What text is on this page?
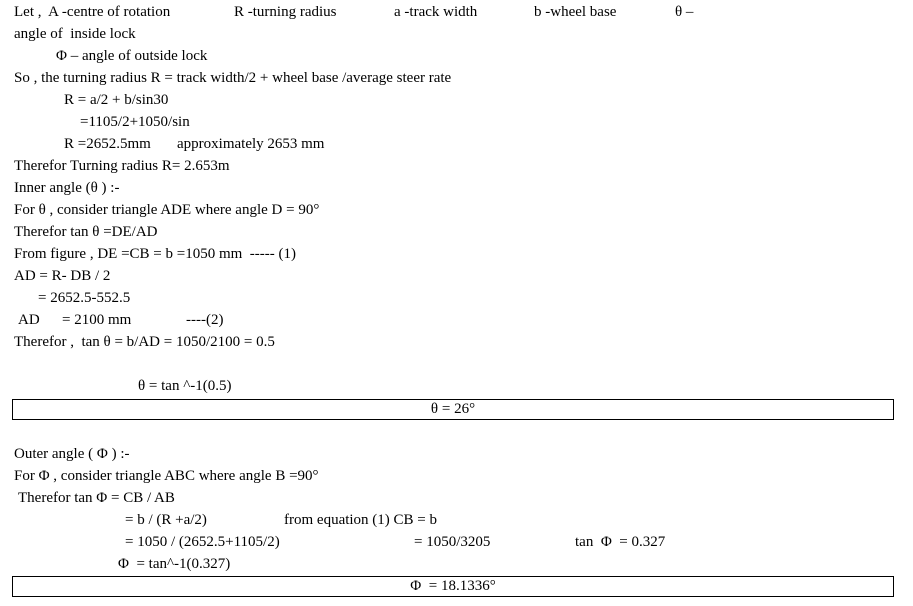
Let ,  A -centre of rotation	R -turning radius	a -track width	b -wheel base	θ –
angle of  inside lock
Φ – angle of outside lock
So , the turning radius R = track width/2 + wheel base /average steer rate
R = a/2 + b/sin30
=1105/2+1050/sin
R =2652.5mm approximately 2653 mm
Therefor Turning radius R= 2.653m
Inner angle (θ ) :-
For θ , consider triangle ADE where angle D = 90°
Therefor tan θ =DE/AD
From figure , DE =CB = b =1050 mm  ----- (1)
AD = R- DB / 2
= 2652.5-552.5
AD = 2100 mm	----(2)
Therefor ,  tan θ = b/AD = 1050/2100 = 0.5
θ = tan ^-1(0.5)
θ = 26°
Outer angle ( Φ ) :-
For Φ , consider triangle ABC where angle B =90°
Therefor tan Φ = CB / AB
= b / (R +a/2)	from equation (1) CB = b
= 1050 / (2652.5+1105/2)	= 1050/3205	tan  Φ  = 0.327
Φ  = tan^-1(0.327)
Φ  = 18.1336°
